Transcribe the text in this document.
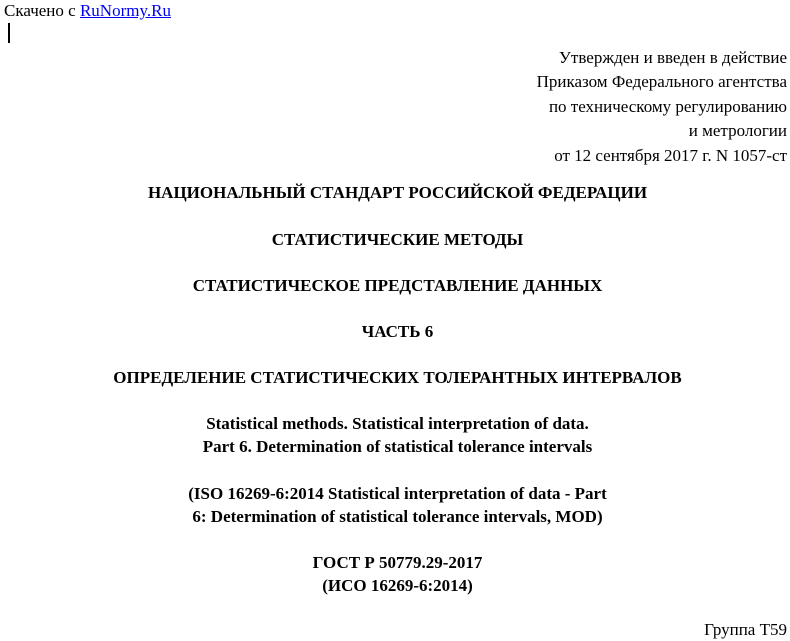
Скачено с RuNormy.Ru
Утвержден и введен в действие
Приказом Федерального агентства
по техническому регулированию
и метрологии
от 12 сентября 2017 г. N 1057-ст
НАЦИОНАЛЬНЫЙ СТАНДАРТ РОССИЙСКОЙ ФЕДЕРАЦИИ
СТАТИСТИЧЕСКИЕ МЕТОДЫ
СТАТИСТИЧЕСКОЕ ПРЕДСТАВЛЕНИЕ ДАННЫХ
ЧАСТЬ 6
ОПРЕДЕЛЕНИЕ СТАТИСТИЧЕСКИХ ТОЛЕРАНТНЫХ ИНТЕРВАЛОВ
Statistical methods. Statistical interpretation of data.
Part 6. Determination of statistical tolerance intervals
(ISO 16269-6:2014 Statistical interpretation of data - Part
6: Determination of statistical tolerance intervals, MOD)
ГОСТ Р 50779.29-2017
(ИСО 16269-6:2014)
Группа Т59
